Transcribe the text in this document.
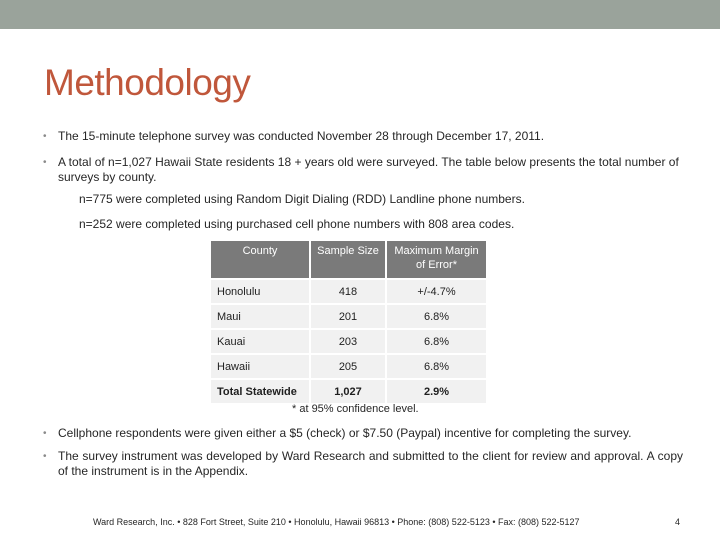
Methodology
• The 15-minute telephone survey was conducted November 28 through December 17, 2011.
• A total of n=1,027 Hawaii State residents 18 + years old were surveyed. The table below presents the total number of surveys by county.
n=775 were completed using Random Digit Dialing (RDD) Landline phone numbers.
n=252 were completed using purchased cell phone numbers with 808 area codes.
County	Sample Size	Maximum Margin of Error*
Honolulu	418	+/-4.7%
Maui	201	6.8%
Kauai	203	6.8%
Hawaii	205	6.8%
Total Statewide	1,027	2.9%
* at 95% confidence level.
• Cellphone respondents were given either a $5 (check) or $7.50 (Paypal) incentive for completing the survey.
• The survey instrument was developed by Ward Research and submitted to the client for review and approval. A copy of the instrument is in the Appendix.
Ward Research, Inc. • 828 Fort Street, Suite 210 • Honolulu, Hawaii 96813 • Phone: (808) 522-5123 • Fax: (808) 522-5127	4
